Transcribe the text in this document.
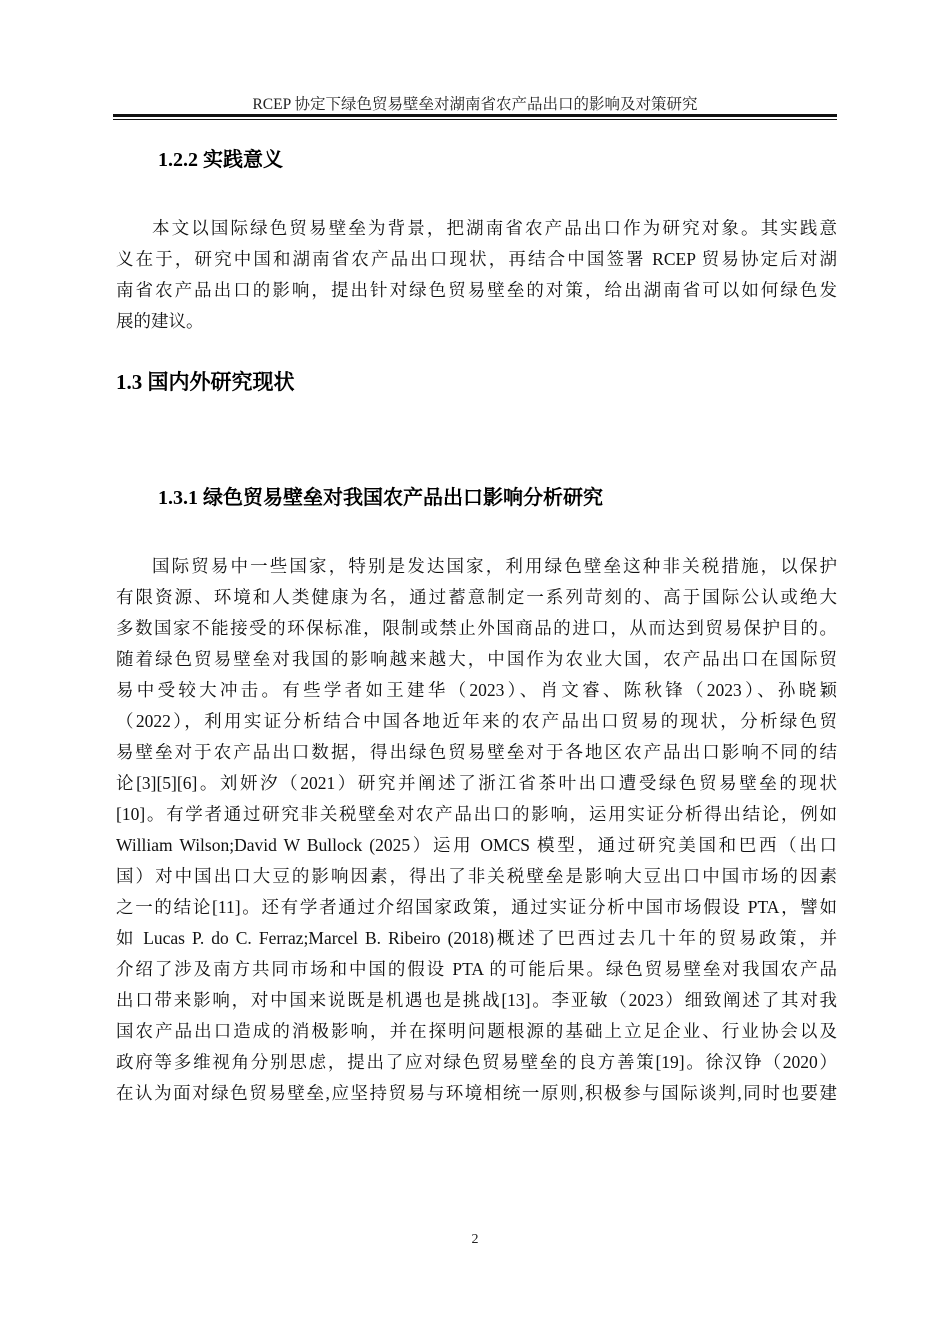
RCEP 协定下绿色贸易壁垒对湖南省农产品出口的影响及对策研究
1.2.2 实践意义
本文以国际绿色贸易壁垒为背景，把湖南省农产品出口作为研究对象。其实践意
义在于，研究中国和湖南省农产品出口现状，再结合中国签署 RCEP 贸易协定后对湖
南省农产品出口的影响，提出针对绿色贸易壁垒的对策，给出湖南省可以如何绿色发
展的建议。
1.3 国内外研究现状
1.3.1 绿色贸易壁垒对我国农产品出口影响分析研究
国际贸易中一些国家，特别是发达国家，利用绿色壁垒这种非关税措施，以保护
有限资源、环境和人类健康为名，通过蓄意制定一系列苛刻的、高于国际公认或绝大
多数国家不能接受的环保标准，限制或禁止外国商品的进口，从而达到贸易保护目的。
随着绿色贸易壁垒对我国的影响越来越大，中国作为农业大国，农产品出口在国际贸
易中受较大冲击。有些学者如王建华（2023）、肖文睿、陈秋锋（2023）、孙晓颖
（2022），利用实证分析结合中国各地近年来的农产品出口贸易的现状，分析绿色贸
易壁垒对于农产品出口数据，得出绿色贸易壁垒对于各地区农产品出口影响不同的结
论[3][5][6]。刘妍汐（2021）研究并阐述了浙江省茶叶出口遭受绿色贸易壁垒的现状
[10]。有学者通过研究非关税壁垒对农产品出口的影响，运用实证分析得出结论，例如
William Wilson;David W Bullock (2025）运用 OMCS 模型，通过研究美国和巴西（出口
国）对中国出口大豆的影响因素，得出了非关税壁垒是影响大豆出口中国市场的因素
之一的结论[11]。还有学者通过介绍国家政策，通过实证分析中国市场假设 PTA，譬如
如 Lucas P. do C. Ferraz;Marcel B. Ribeiro (2018)概述了巴西过去几十年的贸易政策，并
介绍了涉及南方共同市场和中国的假设 PTA 的可能后果。绿色贸易壁垒对我国农产品
出口带来影响，对中国来说既是机遇也是挑战[13]。李亚敏（2023）细致阐述了其对我
国农产品出口造成的消极影响，并在探明问题根源的基础上立足企业、行业协会以及
政府等多维视角分别思虑，提出了应对绿色贸易壁垒的良方善策[19]。徐汉铮（2020）
在认为面对绿色贸易壁垒,应坚持贸易与环境相统一原则,积极参与国际谈判,同时也要建
2
